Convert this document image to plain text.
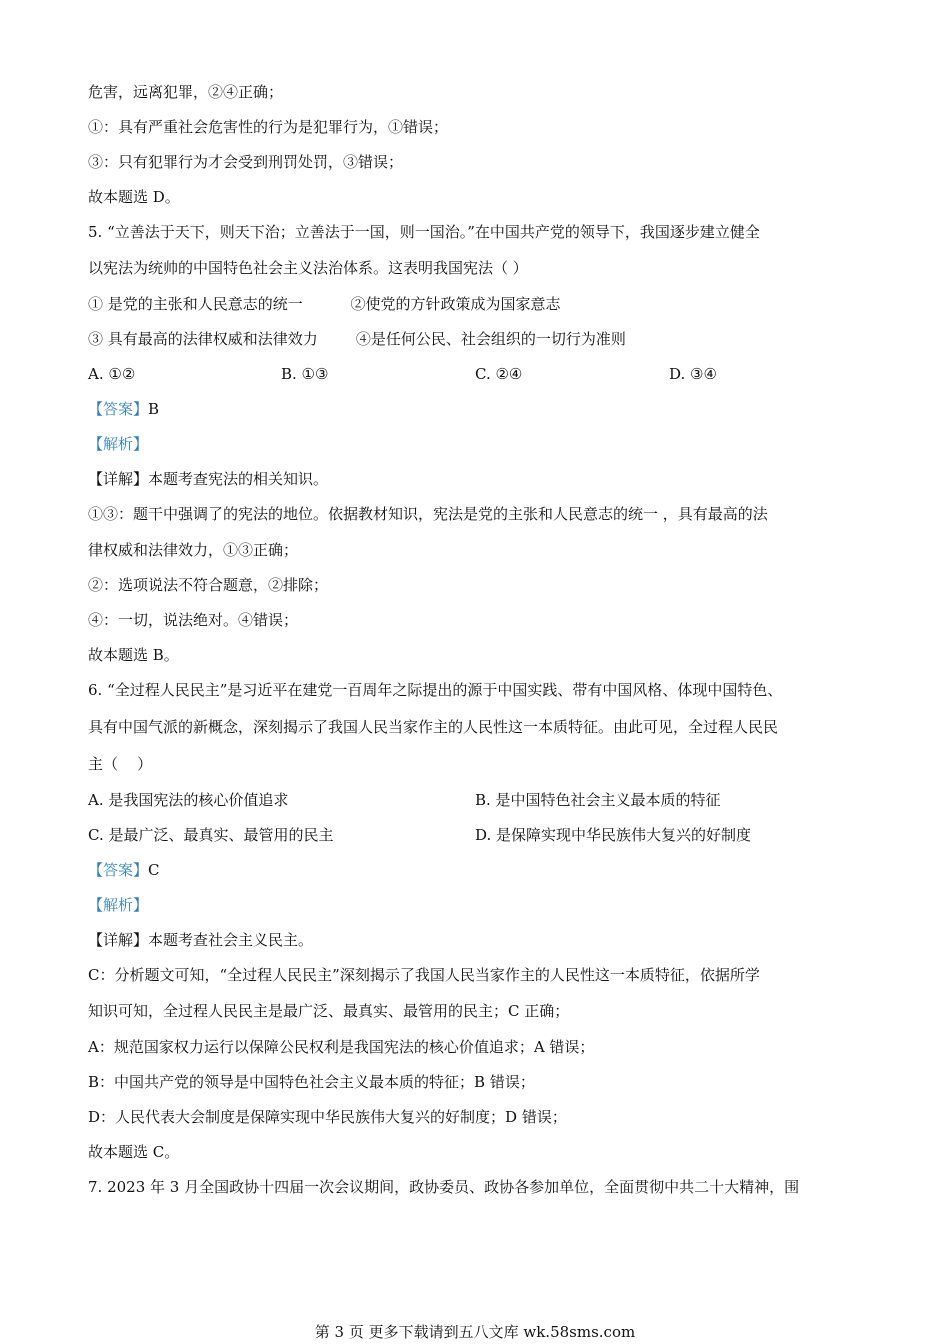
危害，远离犯罪，②④正确；
①：具有严重社会危害性的行为是犯罪行为，①错误；
③：只有犯罪行为才会受到刑罚处罚，③错误；
故本题选 D。
5. “立善法于天下，则天下治；立善法于一国，则一国治。”在中国共产党的领导下，我国逐步建立健全
以宪法为统帅的中国特色社会主义法治体系。这表明我国宪法（ ）
① 是党的主张和人民意志的统一          ②使党的方针政策成为国家意志
③ 具有最高的法律权威和法律效力        ④是任何公民、社会组织的一切行为准则
A. ①②	B. ①③	C. ②④	D. ③④
【答案】B
【解析】
【详解】本题考查宪法的相关知识。
①③：题干中强调了的宪法的地位。依据教材知识，宪法是党的主张和人民意志的统一 ，具有最高的法
律权威和法律效力，①③正确；
②：选项说法不符合题意，②排除；
④：一切，说法绝对。④错误；
故本题选 B。
6. “全过程人民民主”是习近平在建党一百周年之际提出的源于中国实践、带有中国风格、体现中国特色、
具有中国气派的新概念，深刻揭示了我国人民当家作主的人民性这一本质特征。由此可见，全过程人民民
主（    ）
A. 是我国宪法的核心价值追求	B. 是中国特色社会主义最本质的特征
C. 是最广泛、最真实、最管用的民主	D. 是保障实现中华民族伟大复兴的好制度
【答案】C
【解析】
【详解】本题考查社会主义民主。
C：分析题文可知，“全过程人民民主”深刻揭示了我国人民当家作主的人民性这一本质特征，依据所学
知识可知，全过程人民民主是最广泛、最真实、最管用的民主；C 正确；
A：规范国家权力运行以保障公民权利是我国宪法的核心价值追求；A 错误；
B：中国共产党的领导是中国特色社会主义最本质的特征；B 错误；
D：人民代表大会制度是保障实现中华民族伟大复兴的好制度；D 错误；
故本题选 C。
7. 2023 年 3 月全国政协十四届一次会议期间，政协委员、政协各参加单位，全面贯彻中共二十大精神，围
第 3 页 更多下载请到五八文库 wk.58sms.com
